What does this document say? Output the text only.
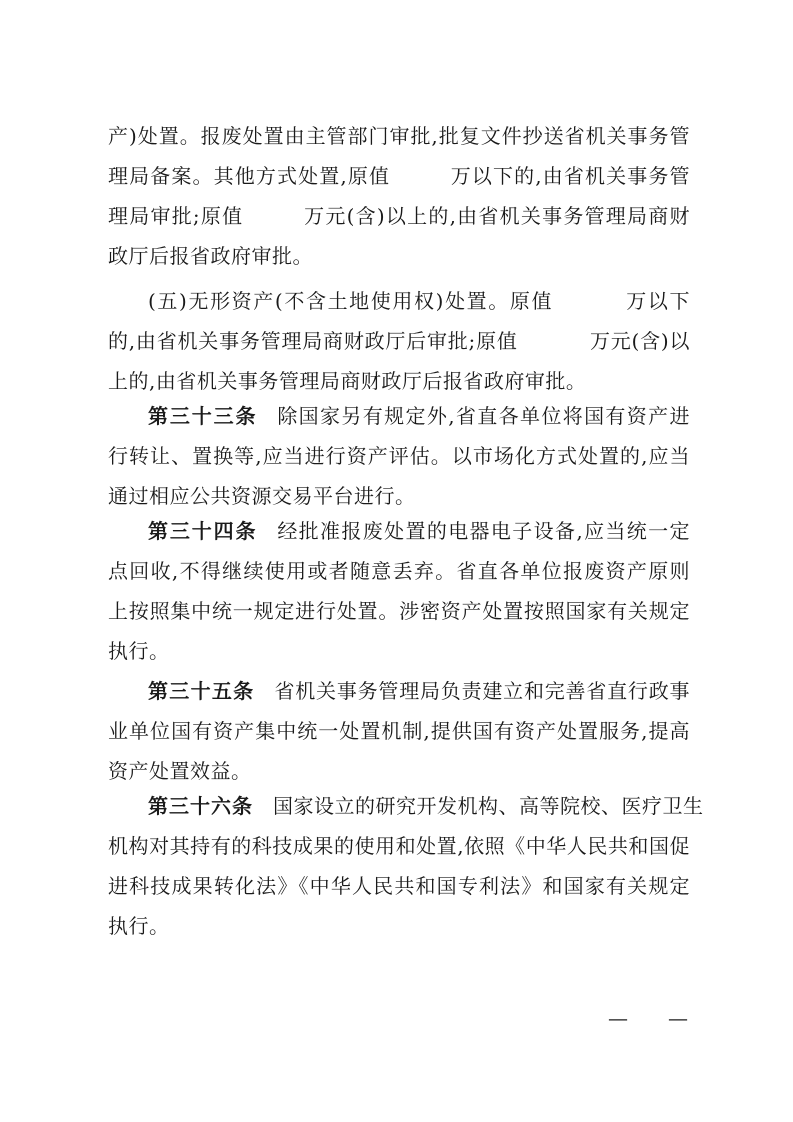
产)处置。报废处置由主管部门审批,批复文件抄送省机关事务管
理局备案。其他方式处置,原值	万以下的,由省机关事务管
理局审批;原值	万元(含)以上的,由省机关事务管理局商财
政厅后报省政府审批。
(五)无形资产(不含土地使用权)处置。原值	万以下
的,由省机关事务管理局商财政厅后审批;原值	万元(含)以
上的,由省机关事务管理局商财政厅后报省政府审批。
第三十三条 除国家另有规定外,省直各单位将国有资产进
行转让、置换等,应当进行资产评估。以市场化方式处置的,应当
通过相应公共资源交易平台进行。
第三十四条 经批准报废处置的电器电子设备,应当统一定
点回收,不得继续使用或者随意丢弃。省直各单位报废资产原则
上按照集中统一规定进行处置。涉密资产处置按照国家有关规定
执行。
第三十五条 省机关事务管理局负责建立和完善省直行政事
业单位国有资产集中统一处置机制,提供国有资产处置服务,提高
资产处置效益。
第三十六条 国家设立的研究开发机构、高等院校、医疗卫生
机构对其持有的科技成果的使用和处置,依照《中华人民共和国促
进科技成果转化法》《中华人民共和国专利法》和国家有关规定
执行。
— —
